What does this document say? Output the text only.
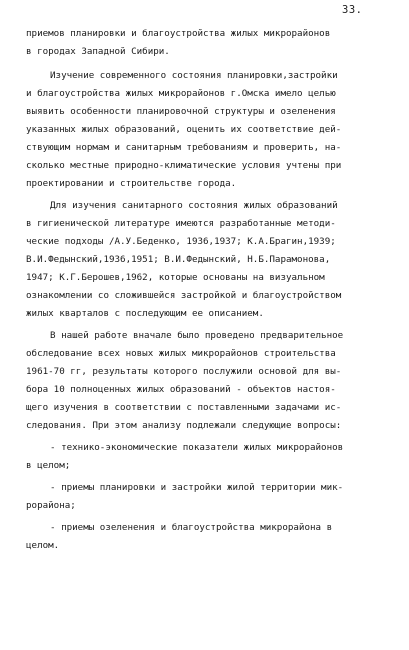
33.
приемов планировки и благоустройства жилых микрорайонов
в городах Западной Сибири.
Изучение современного состояния планировки,застройки
и благоустройства жилых микрорайонов г.Омска имело целью
выявить особенности планировочной структуры и озеленения
указанных жилых образований, оценить их соответствие дей-
ствующим нормам и санитарным требованиям и проверить, на-
сколько местные природно-климатические условия учтены при
проектировании и строительстве города.
Для изучения санитарного состояния жилых образований
в гигиенической литературе имеются разработанные методи-
ческие подходы /А.У.Беденко, 1936,1937; К.А.Брагин,1939;
В.И.Федынский,1936,1951; В.И.Федынский, Н.Б.Парамонова,
1947; К.Г.Берошев,1962, которые основаны на визуальном
ознакомлении со сложившейся застройкой и благоустройством
жилых кварталов с последующим ее описанием.
В нашей работе вначале было проведено предварительное
обследование всех новых жилых микрорайонов строительства
1961-70 гг, результаты которого послужили основой для вы-
бора 10 полноценных жилых образований - объектов настоя-
щего изучения в соответствии с поставленными задачами ис-
следования. При этом анализу подлежали следующие вопросы:
- технико-экономические показатели жилых микрорайонов
в целом;
- приемы планировки и застройки жилой территории мик-
рорайона;
- приемы озеленения и благоустройства микрорайона в
целом.
